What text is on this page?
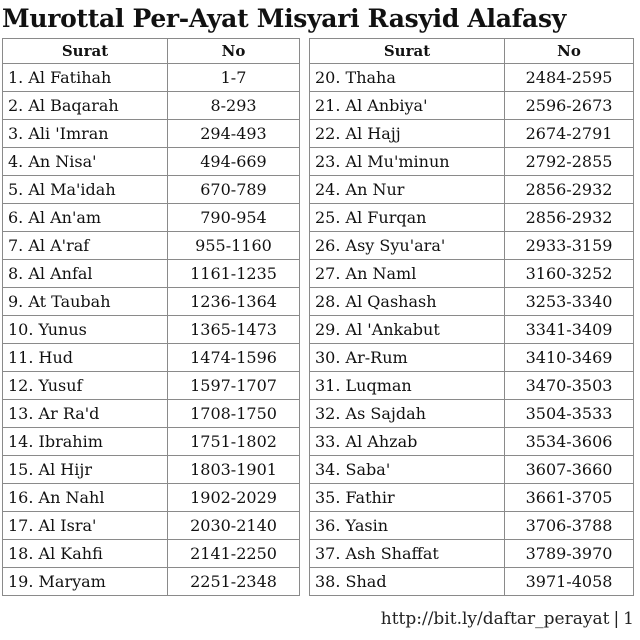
Murottal Per-Ayat Misyari Rasyid Alafasy
Surat	No
1. Al Fatihah	1-7
2. Al Baqarah	8-293
3. Ali 'Imran	294-493
4. An Nisa'	494-669
5. Al Ma'idah	670-789
6. Al An'am	790-954
7. Al A'raf	955-1160
8. Al Anfal	1161-1235
9. At Taubah	1236-1364
10. Yunus	1365-1473
11. Hud	1474-1596
12. Yusuf	1597-1707
13. Ar Ra'd	1708-1750
14. Ibrahim	1751-1802
15. Al Hijr	1803-1901
16. An Nahl	1902-2029
17. Al Isra'	2030-2140
18. Al Kahfi	2141-2250
19. Maryam	2251-2348
Surat	No
20. Thaha	2484-2595
21. Al Anbiya'	2596-2673
22. Al Hajj	2674-2791
23. Al Mu'minun	2792-2855
24. An Nur	2856-2932
25. Al Furqan	2856-2932
26. Asy Syu'ara'	2933-3159
27. An Naml	3160-3252
28. Al Qashash	3253-3340
29. Al 'Ankabut	3341-3409
30. Ar-Rum	3410-3469
31. Luqman	3470-3503
32. As Sajdah	3504-3533
33. Al Ahzab	3534-3606
34. Saba'	3607-3660
35. Fathir	3661-3705
36. Yasin	3706-3788
37. Ash Shaffat	3789-3970
38. Shad	3971-4058
http://bit.ly/daftar_perayat | 1
